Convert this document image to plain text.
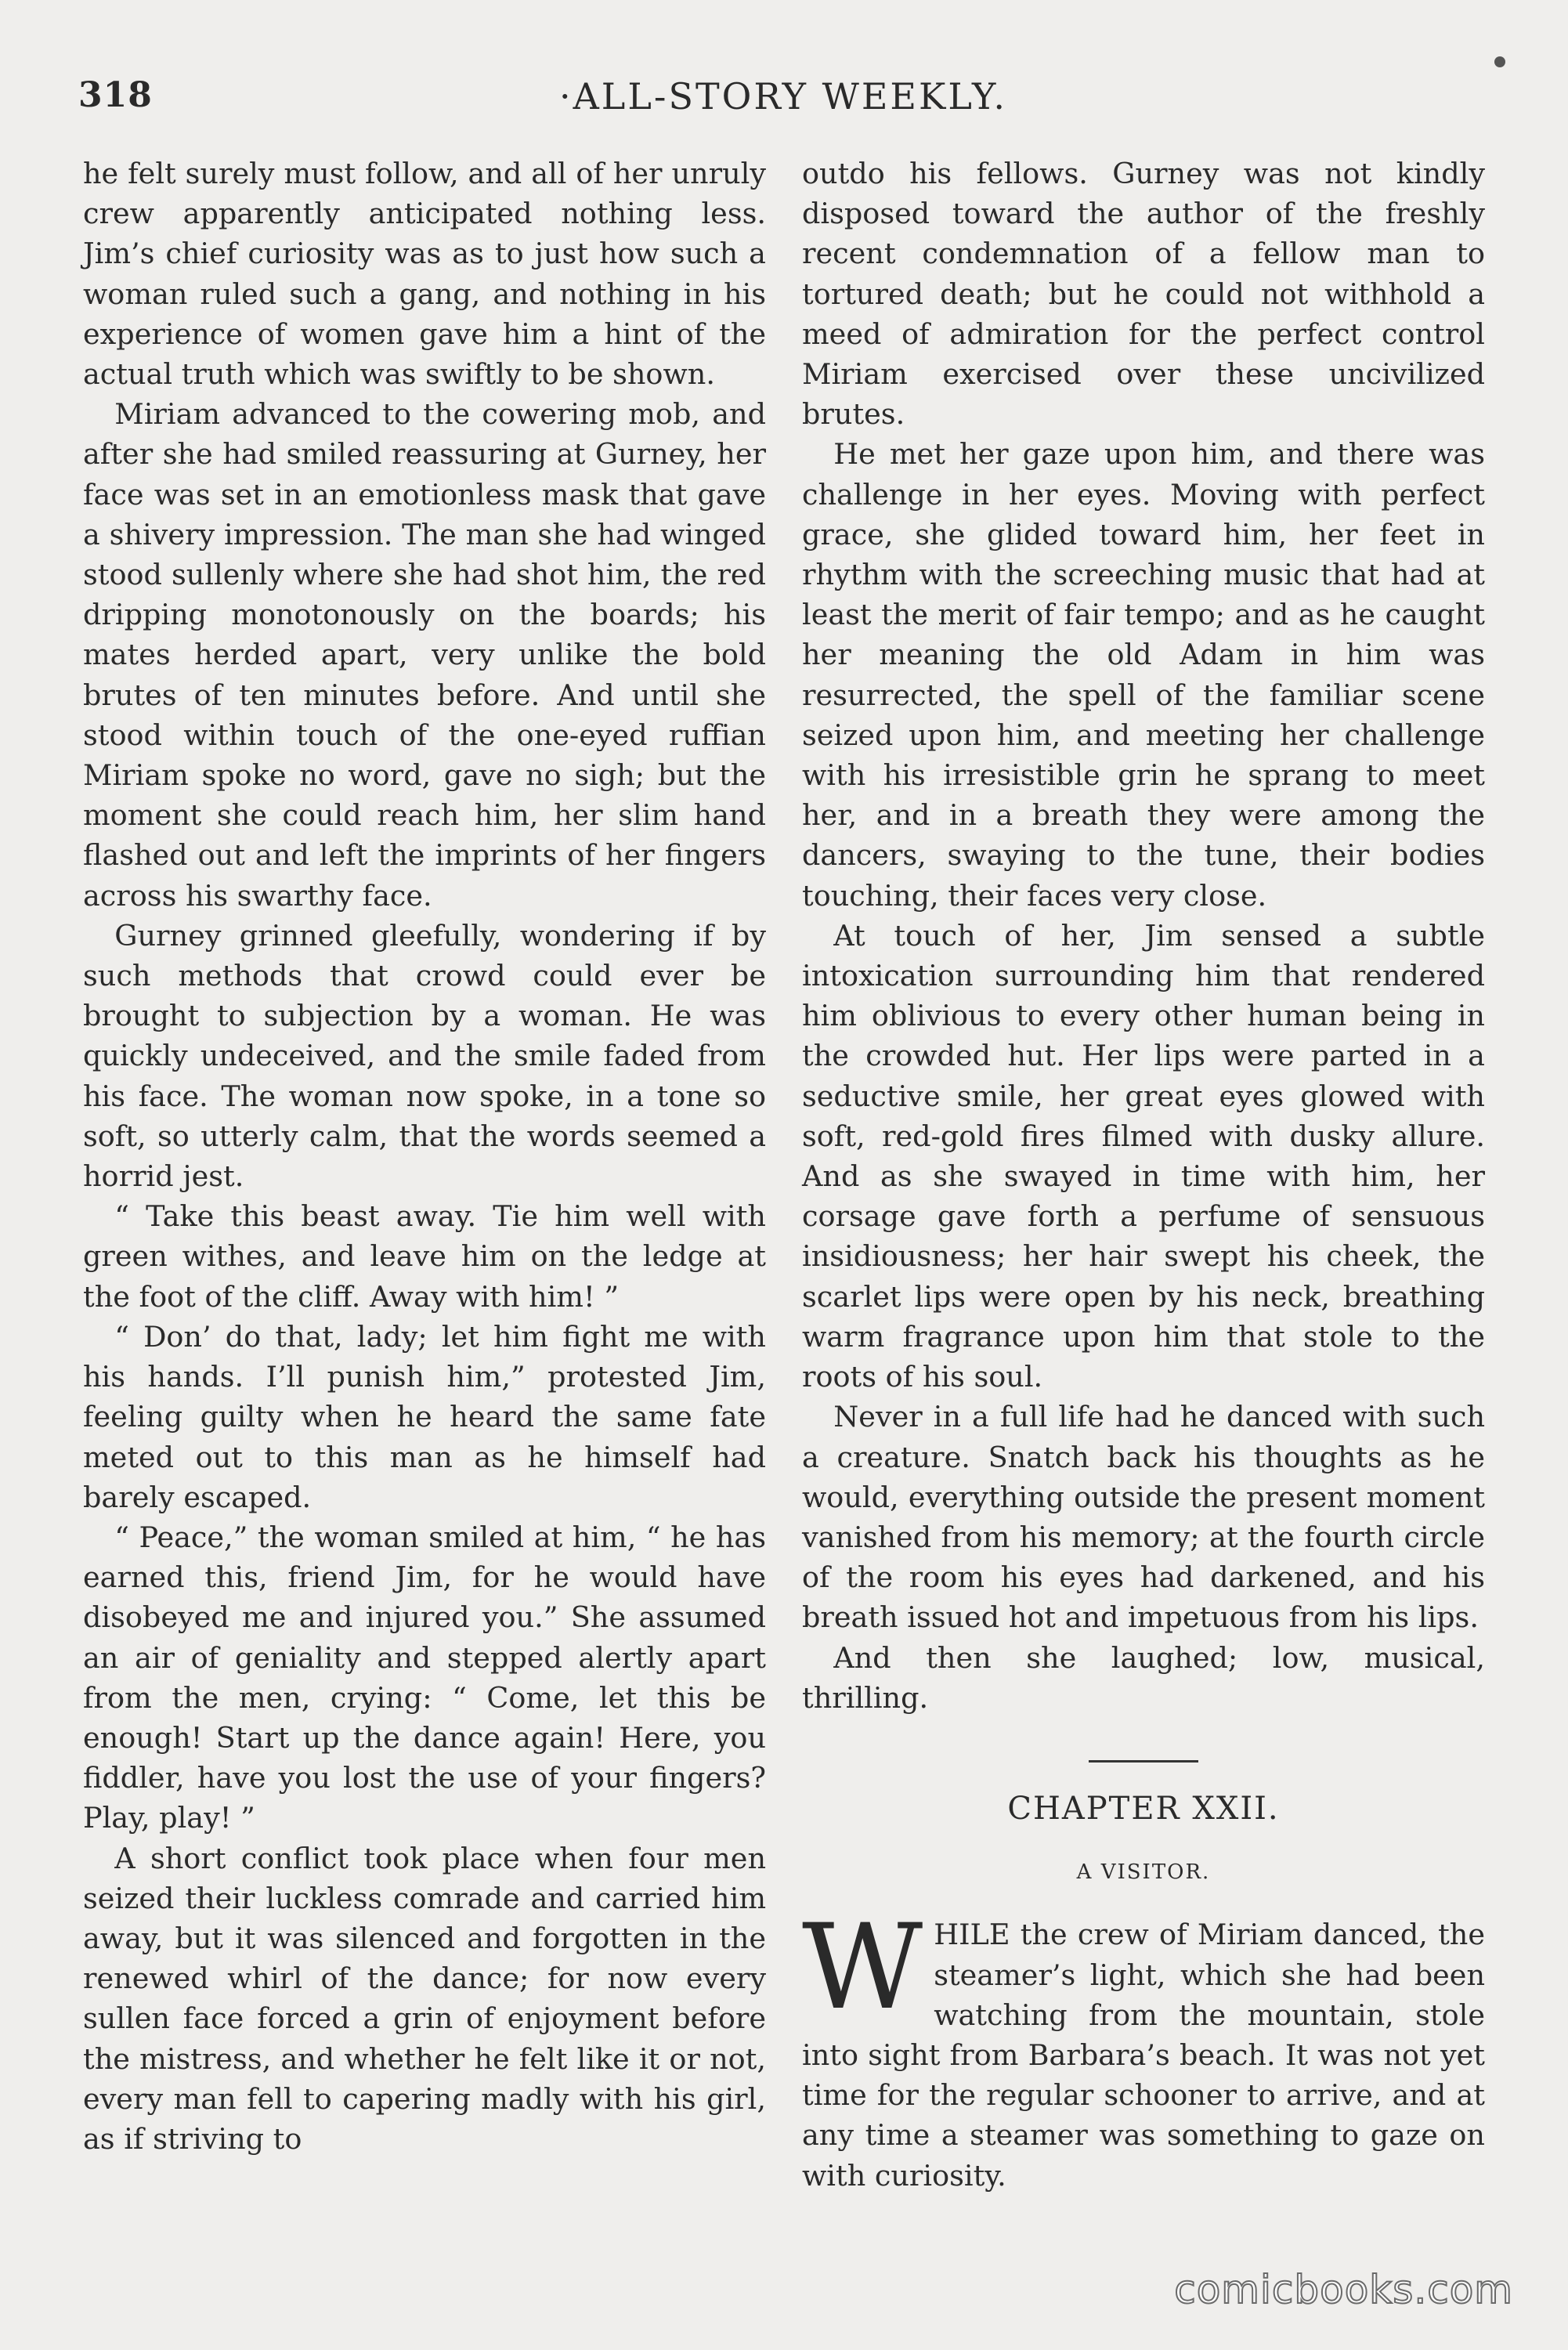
318	·ALL-STORY WEEKLY.

he felt surely must follow, and all of her unruly crew apparently anticipated nothing less. Jim’s chief curiosity was as to just how such a woman ruled such a gang, and nothing in his experience of women gave him a hint of the actual truth which was swiftly to be shown.

Miriam advanced to the cowering mob, and after she had smiled reassuring at Gurney, her face was set in an emotionless mask that gave a shivery impression. The man she had winged stood sullenly where she had shot him, the red dripping monotonously on the boards; his mates herded apart, very unlike the bold brutes of ten minutes before. And until she stood within touch of the one-eyed ruffian Miriam spoke no word, gave no sigh; but the moment she could reach him, her slim hand flashed out and left the imprints of her fingers across his swarthy face.

Gurney grinned gleefully, wondering if by such methods that crowd could ever be brought to subjection by a woman. He was quickly undeceived, and the smile faded from his face. The woman now spoke, in a tone so soft, so utterly calm, that the words seemed a horrid jest.

“ Take this beast away. Tie him well with green withes, and leave him on the ledge at the foot of the cliff. Away with him! ”

“ Don’ do that, lady; let him fight me with his hands. I’ll punish him,” protested Jim, feeling guilty when he heard the same fate meted out to this man as he himself had barely escaped.

“ Peace,” the woman smiled at him, “ he has earned this, friend Jim, for he would have disobeyed me and injured you.” She assumed an air of geniality and stepped alertly apart from the men, crying: “ Come, let this be enough! Start up the dance again! Here, you fiddler, have you lost the use of your fingers? Play, play! ”

A short conflict took place when four men seized their luckless comrade and carried him away, but it was silenced and forgotten in the renewed whirl of the dance; for now every sullen face forced a grin of enjoyment before the mistress, and whether he felt like it or not, every man fell to capering madly with his girl, as if striving to

outdo his fellows. Gurney was not kindly disposed toward the author of the freshly recent condemnation of a fellow man to tortured death; but he could not withhold a meed of admiration for the perfect control Miriam exercised over these uncivilized brutes.

He met her gaze upon him, and there was challenge in her eyes. Moving with perfect grace, she glided toward him, her feet in rhythm with the screeching music that had at least the merit of fair tempo; and as he caught her meaning the old Adam in him was resurrected, the spell of the familiar scene seized upon him, and meeting her challenge with his irresistible grin he sprang to meet her, and in a breath they were among the dancers, swaying to the tune, their bodies touching, their faces very close.

At touch of her, Jim sensed a subtle intoxication surrounding him that rendered him oblivious to every other human being in the crowded hut. Her lips were parted in a seductive smile, her great eyes glowed with soft, red-gold fires filmed with dusky allure. And as she swayed in time with him, her corsage gave forth a perfume of sensuous insidiousness; her hair swept his cheek, the scarlet lips were open by his neck, breathing warm fragrance upon him that stole to the roots of his soul.

Never in a full life had he danced with such a creature. Snatch back his thoughts as he would, everything outside the present moment vanished from his memory; at the fourth circle of the room his eyes had darkened, and his breath issued hot and impetuous from his lips.

And then she laughed; low, musical, thrilling.

CHAPTER XXII.
A VISITOR.

WHILE the crew of Miriam danced, the steamer’s light, which she had been watching from the mountain, stole into sight from Barbara’s beach. It was not yet time for the regular schooner to arrive, and at any time a steamer was something to gaze on with curiosity.

comicbooks.com
